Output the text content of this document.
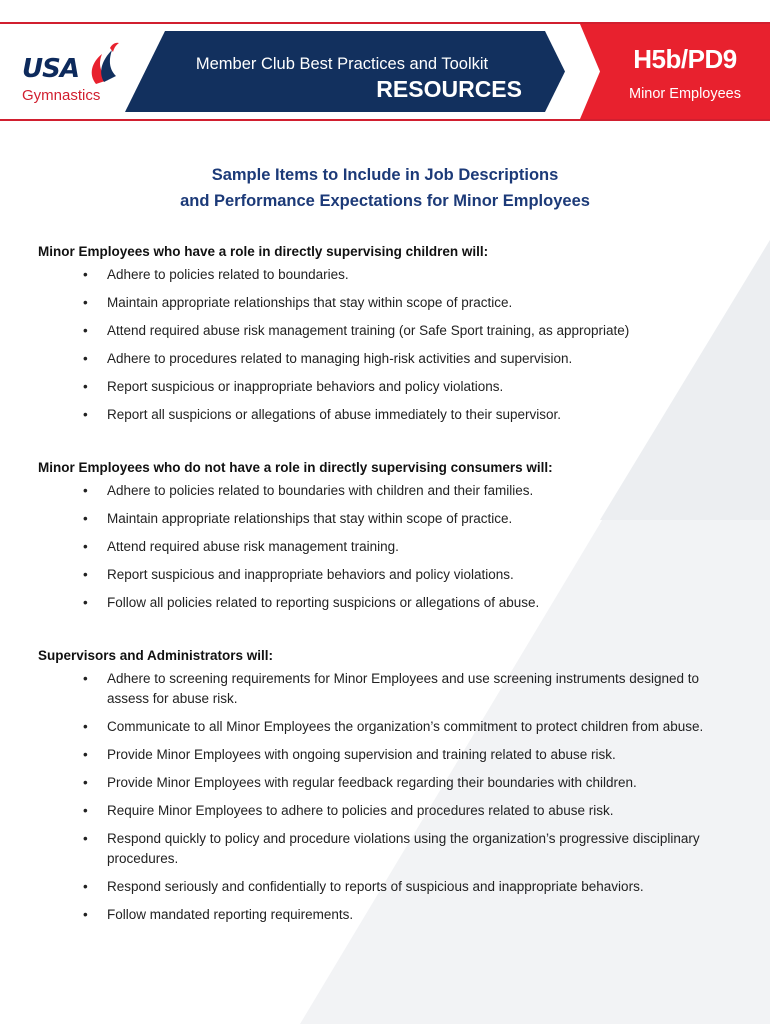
USA
Gymnastics
Member Club Best Practices and Toolkit
RESOURCES
H5b/PD9
Minor Employees
Sample Items to Include in Job Descriptions
and Performance Expectations for Minor Employees
Minor Employees who have a role in directly supervising children will:
• Adhere to policies related to boundaries.
• Maintain appropriate relationships that stay within scope of practice.
• Attend required abuse risk management training (or Safe Sport training, as appropriate)
• Adhere to procedures related to managing high-risk activities and supervision.
• Report suspicious or inappropriate behaviors and policy violations.
• Report all suspicions or allegations of abuse immediately to their supervisor.
Minor Employees who do not have a role in directly supervising consumers will:
• Adhere to policies related to boundaries with children and their families.
• Maintain appropriate relationships that stay within scope of practice.
• Attend required abuse risk management training.
• Report suspicious and inappropriate behaviors and policy violations.
• Follow all policies related to reporting suspicions or allegations of abuse.
Supervisors and Administrators will:
• Adhere to screening requirements for Minor Employees and use screening instruments designed to assess for abuse risk.
• Communicate to all Minor Employees the organization’s commitment to protect children from abuse.
• Provide Minor Employees with ongoing supervision and training related to abuse risk.
• Provide Minor Employees with regular feedback regarding their boundaries with children.
• Require Minor Employees to adhere to policies and procedures related to abuse risk.
• Respond quickly to policy and procedure violations using the organization’s progressive disciplinary procedures.
• Respond seriously and confidentially to reports of suspicious and inappropriate behaviors.
• Follow mandated reporting requirements.
